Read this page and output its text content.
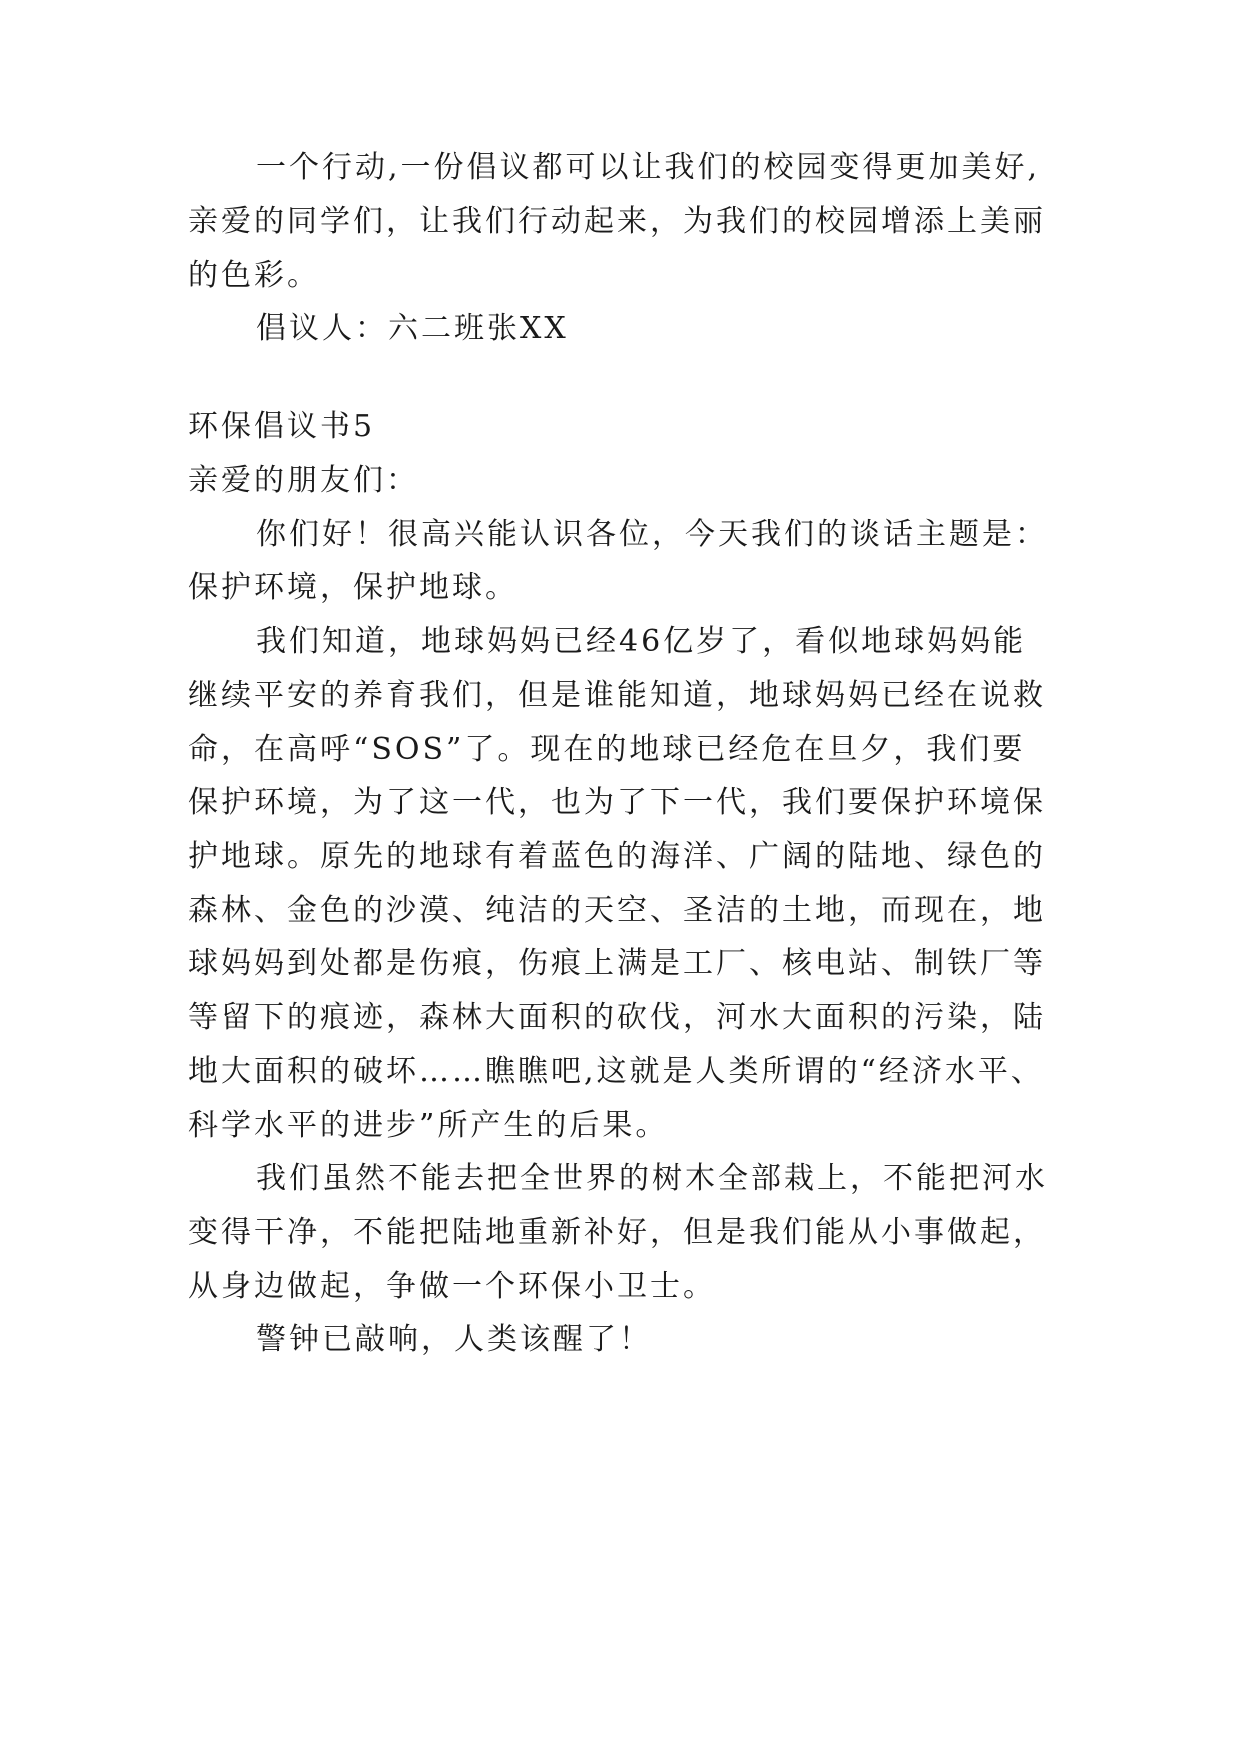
一个行动,一份倡议都可以让我们的校园变得更加美好,

亲爱的同学们，让我们行动起来，为我们的校园增添上美丽

的色彩。

倡议人：六二班张XX

环保倡议书5

亲爱的朋友们：

你们好！很高兴能认识各位，今天我们的谈话主题是：

保护环境，保护地球。

我们知道，地球妈妈已经46亿岁了，看似地球妈妈能

继续平安的养育我们，但是谁能知道，地球妈妈已经在说救

命，在高呼“SOS”了。现在的地球已经危在旦夕，我们要

保护环境，为了这一代，也为了下一代，我们要保护环境保

护地球。原先的地球有着蓝色的海洋、广阔的陆地、绿色的

森林、金色的沙漠、纯洁的天空、圣洁的土地，而现在，地

球妈妈到处都是伤痕，伤痕上满是工厂、核电站、制铁厂等

等留下的痕迹，森林大面积的砍伐，河水大面积的污染，陆

地大面积的破坏……瞧瞧吧,这就是人类所谓的“经济水平、

科学水平的进步”所产生的后果。

我们虽然不能去把全世界的树木全部栽上，不能把河水

变得干净，不能把陆地重新补好，但是我们能从小事做起，

从身边做起，争做一个环保小卫士。

警钟已敲响，人类该醒了！
